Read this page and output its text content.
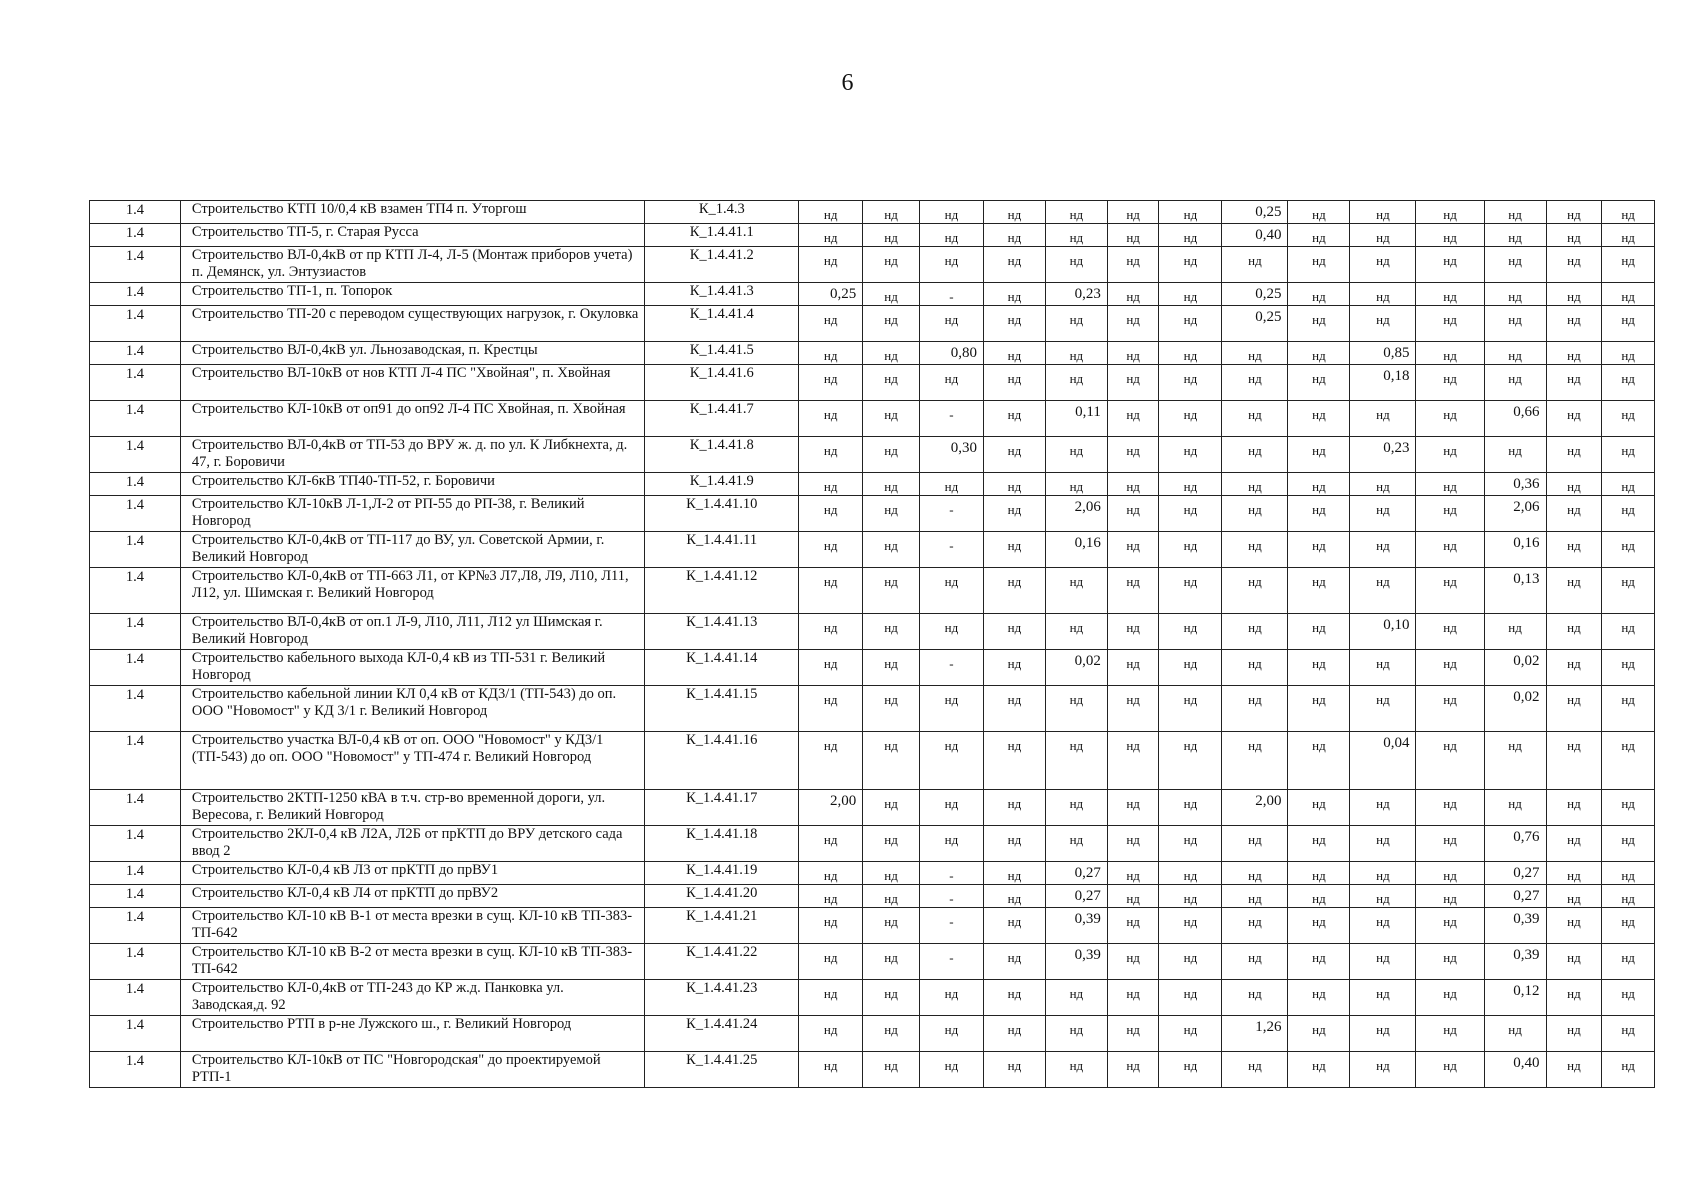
6
1.4	Строительство КТП 10/0,4 кВ взамен ТП4 п. Уторгош	К_1.4.3	нд	нд	нд	нд	нд	нд	нд	0,25	нд	нд	нд	нд	нд	нд
1.4	Строительство ТП-5, г. Старая Русса	К_1.4.41.1	нд	нд	нд	нд	нд	нд	нд	0,40	нд	нд	нд	нд	нд	нд
1.4	Строительство ВЛ-0,4кВ от пр КТП Л-4, Л-5 (Монтаж приборов учета) п. Демянск, ул. Энтузиастов	К_1.4.41.2	нд	нд	нд	нд	нд	нд	нд	нд	нд	нд	нд	нд	нд	нд
1.4	Строительство ТП-1, п. Топорок	К_1.4.41.3	0,25	нд	-	нд	0,23	нд	нд	0,25	нд	нд	нд	нд	нд	нд
1.4	Строительство ТП-20 с переводом существующих нагрузок, г. Окуловка	К_1.4.41.4	нд	нд	нд	нд	нд	нд	нд	0,25	нд	нд	нд	нд	нд	нд
1.4	Строительство ВЛ-0,4кВ ул. Льнозаводская, п. Крестцы	К_1.4.41.5	нд	нд	0,80	нд	нд	нд	нд	нд	нд	0,85	нд	нд	нд	нд
1.4	Строительство ВЛ-10кВ от нов КТП Л-4 ПС "Хвойная", п. Хвойная	К_1.4.41.6	нд	нд	нд	нд	нд	нд	нд	нд	нд	0,18	нд	нд	нд	нд
1.4	Строительство КЛ-10кВ от оп91 до оп92 Л-4 ПС Хвойная, п. Хвойная	К_1.4.41.7	нд	нд	-	нд	0,11	нд	нд	нд	нд	нд	нд	0,66	нд	нд
1.4	Строительство ВЛ-0,4кВ от ТП-53 до ВРУ ж. д. по ул. К Либкнехта, д. 47, г. Боровичи	К_1.4.41.8	нд	нд	0,30	нд	нд	нд	нд	нд	нд	0,23	нд	нд	нд	нд
1.4	Строительство КЛ-6кВ ТП40-ТП-52, г. Боровичи	К_1.4.41.9	нд	нд	нд	нд	нд	нд	нд	нд	нд	нд	нд	0,36	нд	нд
1.4	Строительство КЛ-10кВ Л-1,Л-2 от РП-55 до РП-38, г. Великий Новгород	К_1.4.41.10	нд	нд	-	нд	2,06	нд	нд	нд	нд	нд	нд	2,06	нд	нд
1.4	Строительство КЛ-0,4кВ от ТП-117 до ВУ, ул. Советской Армии, г. Великий Новгород	К_1.4.41.11	нд	нд	-	нд	0,16	нд	нд	нд	нд	нд	нд	0,16	нд	нд
1.4	Строительство КЛ-0,4кВ от ТП-663 Л1, от КР№3 Л7,Л8, Л9, Л10, Л11, Л12, ул. Шимская г. Великий Новгород	К_1.4.41.12	нд	нд	нд	нд	нд	нд	нд	нд	нд	нд	нд	0,13	нд	нд
1.4	Строительство ВЛ-0,4кВ от оп.1 Л-9, Л10, Л11, Л12 ул Шимская г. Великий Новгород	К_1.4.41.13	нд	нд	нд	нд	нд	нд	нд	нд	нд	0,10	нд	нд	нд	нд
1.4	Строительство кабельного выхода КЛ-0,4 кВ из ТП-531 г. Великий Новгород	К_1.4.41.14	нд	нд	-	нд	0,02	нд	нд	нд	нд	нд	нд	0,02	нд	нд
1.4	Строительство кабельной линии КЛ 0,4 кВ от КД3/1 (ТП-543) до оп. ООО "Новомост" у КД 3/1 г. Великий Новгород	К_1.4.41.15	нд	нд	нд	нд	нд	нд	нд	нд	нд	нд	нд	0,02	нд	нд
1.4	Строительство участка ВЛ-0,4 кВ от оп. ООО "Новомост" у КД3/1 (ТП-543) до оп. ООО "Новомост" у ТП-474 г. Великий Новгород	К_1.4.41.16	нд	нд	нд	нд	нд	нд	нд	нд	нд	0,04	нд	нд	нд	нд
1.4	Строительство 2КТП-1250 кВА в т.ч. стр-во временной дороги, ул. Вересова, г. Великий Новгород	К_1.4.41.17	2,00	нд	нд	нд	нд	нд	нд	2,00	нд	нд	нд	нд	нд	нд
1.4	Строительство 2КЛ-0,4 кВ Л2А, Л2Б от прКТП до ВРУ детского сада ввод 2	К_1.4.41.18	нд	нд	нд	нд	нд	нд	нд	нд	нд	нд	нд	0,76	нд	нд
1.4	Строительство КЛ-0,4 кВ Л3 от прКТП до прВУ1	К_1.4.41.19	нд	нд	-	нд	0,27	нд	нд	нд	нд	нд	нд	0,27	нд	нд
1.4	Строительство КЛ-0,4 кВ Л4 от прКТП до прВУ2	К_1.4.41.20	нд	нд	-	нд	0,27	нд	нд	нд	нд	нд	нд	0,27	нд	нд
1.4	Строительство КЛ-10 кВ В-1 от места врезки в сущ. КЛ-10 кВ ТП-383-ТП-642	К_1.4.41.21	нд	нд	-	нд	0,39	нд	нд	нд	нд	нд	нд	0,39	нд	нд
1.4	Строительство КЛ-10 кВ В-2 от места врезки в сущ. КЛ-10 кВ ТП-383-ТП-642	К_1.4.41.22	нд	нд	-	нд	0,39	нд	нд	нд	нд	нд	нд	0,39	нд	нд
1.4	Строительство КЛ-0,4кВ от ТП-243 до КР ж.д. Панковка ул. Заводская,д. 92	К_1.4.41.23	нд	нд	нд	нд	нд	нд	нд	нд	нд	нд	нд	0,12	нд	нд
1.4	Строительство РТП в р-не Лужского ш., г. Великий Новгород	К_1.4.41.24	нд	нд	нд	нд	нд	нд	нд	1,26	нд	нд	нд	нд	нд	нд
1.4	Строительство КЛ-10кВ от ПС "Новгородская" до проектируемой РТП-1	К_1.4.41.25	нд	нд	нд	нд	нд	нд	нд	нд	нд	нд	нд	0,40	нд	нд
